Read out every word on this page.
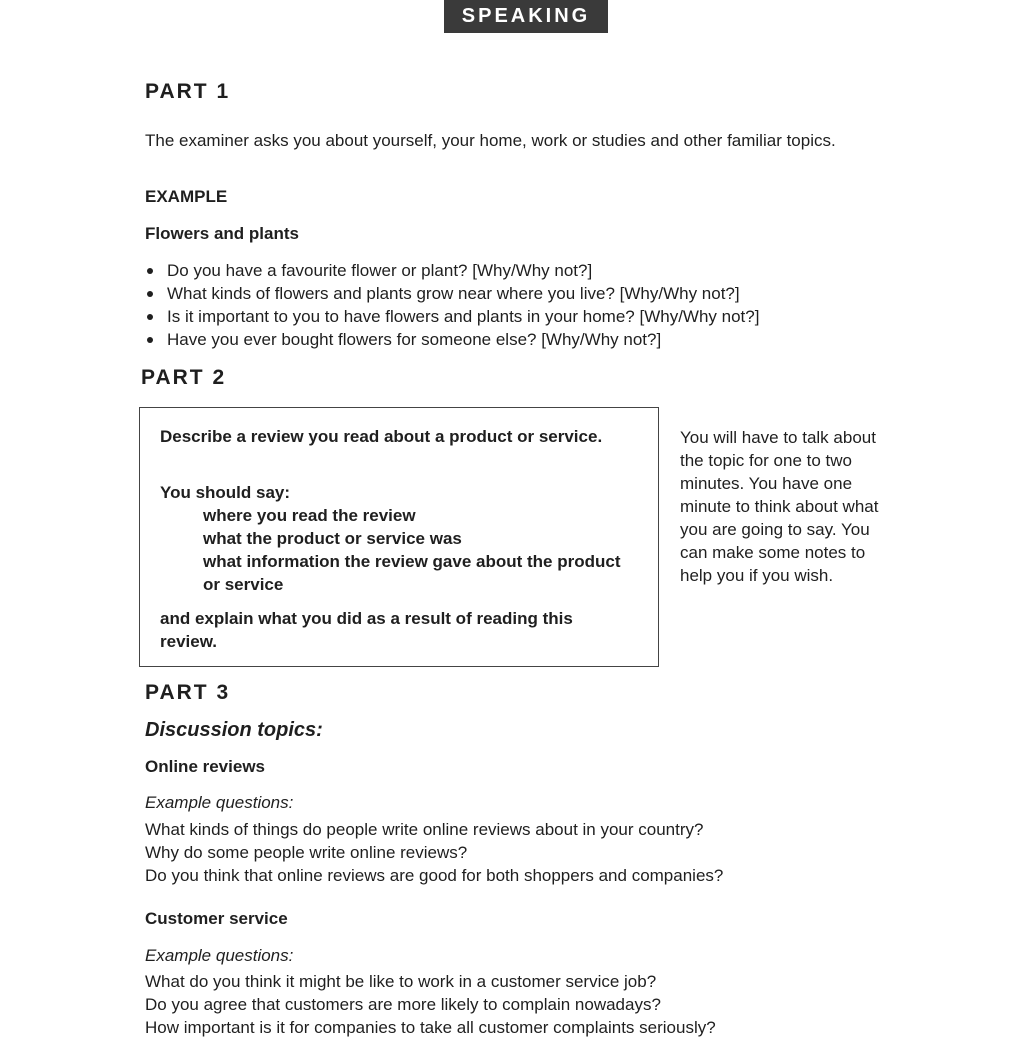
SPEAKING
PART 1

The examiner asks you about yourself, your home, work or studies and other familiar topics.

EXAMPLE

Flowers and plants

Do you have a favourite flower or plant? [Why/Why not?]
What kinds of flowers and plants grow near where you live? [Why/Why not?]
Is it important to you to have flowers and plants in your home? [Why/Why not?]
Have you ever bought flowers for someone else? [Why/Why not?]
PART 2

Describe a review you read about a product or service.

You should say:

where you read the review
what the product or service was
what information the review gave about the product or service

and explain what you did as a result of reading this review.

You will have to talk about the topic for one to two minutes. You have one minute to think about what you are going to say. You can make some notes to help you if you wish.

PART 3

Discussion topics:

Online reviews

Example questions:

What kinds of things do people write online reviews about in your country?
Why do some people write online reviews?
Do you think that online reviews are good for both shoppers and companies?

Customer service

Example questions:

What do you think it might be like to work in a customer service job?
Do you agree that customers are more likely to complain nowadays?
How important is it for companies to take all customer complaints seriously?
